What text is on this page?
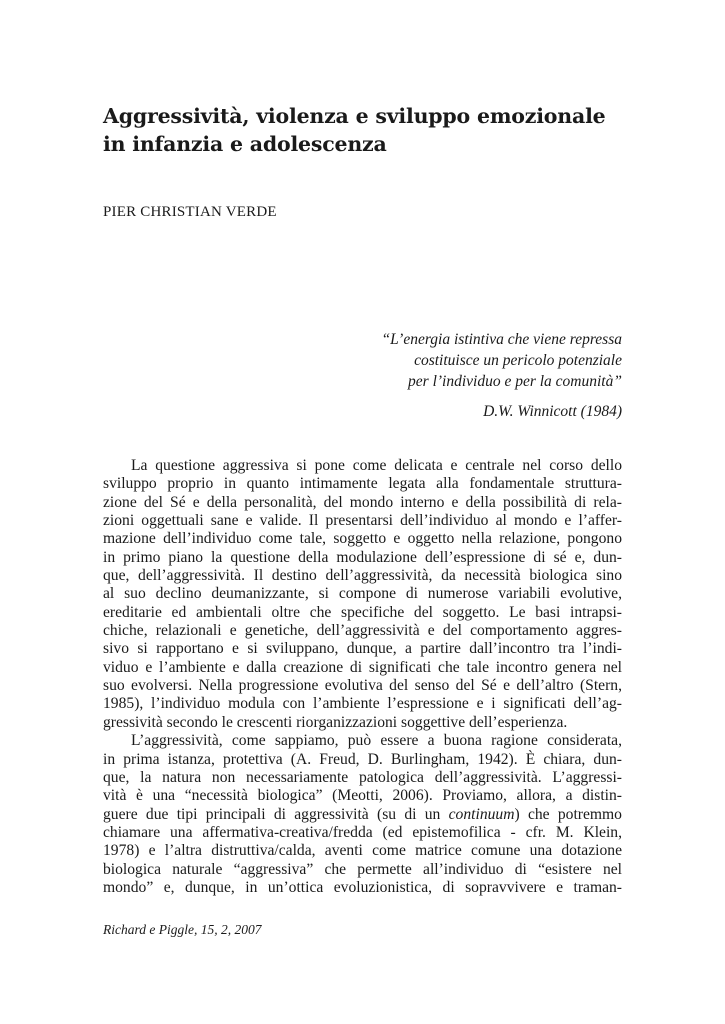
Aggressività, violenza e sviluppo emozionale
in infanzia e adolescenza
PIER CHRISTIAN VERDE
“L’energia istintiva che viene repressa
costituisce un pericolo potenziale
per l’individuo e per la comunità”
D.W. Winnicott (1984)

La questione aggressiva si pone come delicata e centrale nel corso dello
sviluppo proprio in quanto intimamente legata alla fondamentale struttura-
zione del Sé e della personalità, del mondo interno e della possibilità di rela-
zioni oggettuali sane e valide. Il presentarsi dell’individuo al mondo e l’affer-
mazione dell’individuo come tale, soggetto e oggetto nella relazione, pongono
in primo piano la questione della modulazione dell’espressione di sé e, dun-
que, dell’aggressività. Il destino dell’aggressività, da necessità biologica sino
al suo declino deumanizzante, si compone di numerose variabili evolutive,
ereditarie ed ambientali oltre che specifiche del soggetto. Le basi intrapsi-
chiche, relazionali e genetiche, dell’aggressività e del comportamento aggres-
sivo si rapportano e si sviluppano, dunque, a partire dall’incontro tra l’indi-
viduo e l’ambiente e dalla creazione di significati che tale incontro genera nel
suo evolversi. Nella progressione evolutiva del senso del Sé e dell’altro (Stern,
1985), l’individuo modula con l’ambiente l’espressione e i significati dell’ag-
gressività secondo le crescenti riorganizzazioni soggettive dell’esperienza.

L’aggressività, come sappiamo, può essere a buona ragione considerata,
in prima istanza, protettiva (A. Freud, D. Burlingham, 1942). È chiara, dun-
que, la natura non necessariamente patologica dell’aggressività. L’aggressi-
vità è una “necessità biologica” (Meotti, 2006). Proviamo, allora, a distin-
guere due tipi principali di aggressività (su di un continuum) che potremmo
chiamare una affermativa-creativa/fredda (ed epistemofilica - cfr. M. Klein,
1978) e l’altra distruttiva/calda, aventi come matrice comune una dotazione
biologica naturale “aggressiva” che permette all’individuo di “esistere nel
mondo” e, dunque, in un’ottica evoluzionistica, di sopravvivere e traman-

Richard e Piggle, 15, 2, 2007
